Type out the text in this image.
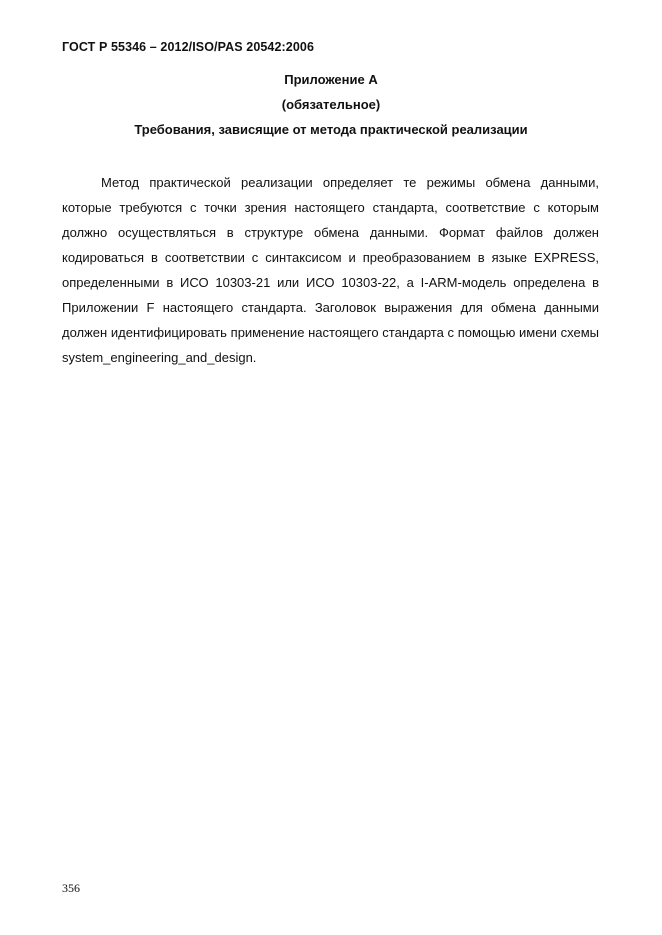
ГОСТ Р 55346 – 2012/ISO/PAS 20542:2006
Приложение А
(обязательное)
Требования, зависящие от метода практической реализации

Метод практической реализации определяет те режимы обмена данными, которые требуются с точки зрения настоящего стандарта, соответствие с которым должно осуществляться в структуре обмена данными. Формат файлов должен кодироваться в соответствии с синтаксисом и преобразованием в языке EXPRESS, определенными в ИСО 10303-21 или ИСО 10303-22, а I-ARM-модель определена в Приложении F настоящего стандарта. Заголовок выражения для обмена данными должен идентифицировать применение настоящего стандарта с помощью имени схемы system_engineering_and_design.

356
